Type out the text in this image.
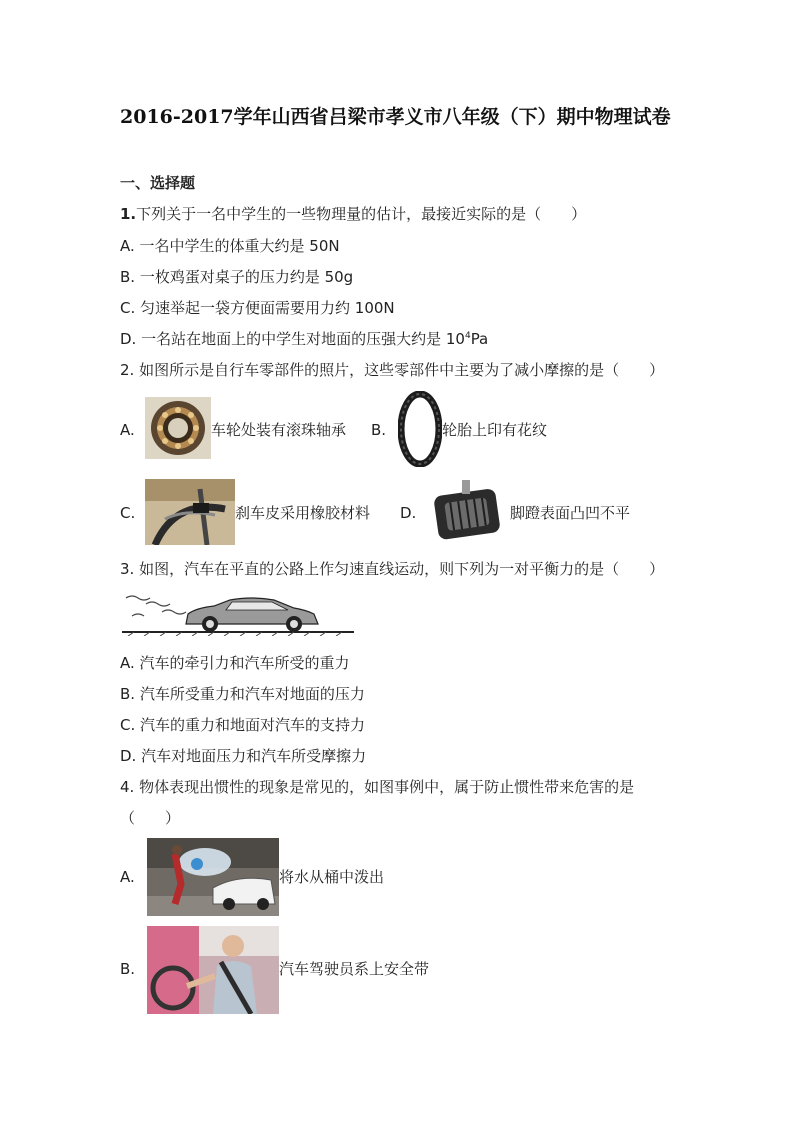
2016-2017学年山西省吕梁市孝义市八年级（下）期中物理试卷
一、选择题
1.下列关于一名中学生的一些物理量的估计，最接近实际的是（　　）
A. 一名中学生的体重大约是 50N
B. 一枚鸡蛋对桌子的压力约是 50g
C. 匀速举起一袋方便面需要用力约 100N
D. 一名站在地面上的中学生对地面的压强大约是 $10^4Pa$
2. 如图所示是自行车零部件的照片，这些零部件中主要为了减小摩擦的是（　　）
A.	车轮处装有滚珠轴承 B.	轮胎上印有花纹
C.	刹车皮采用橡胶材料 D.	脚蹬表面凸凹不平
3. 如图，汽车在平直的公路上作匀速直线运动，则下列为一对平衡力的是（　　）
A. 汽车的牵引力和汽车所受的重力
B. 汽车所受重力和汽车对地面的压力
C. 汽车的重力和地面对汽车的支持力
D. 汽车对地面压力和汽车所受摩擦力
4. 物体表现出惯性的现象是常见的，如图事例中，属于防止惯性带来危害的是
（　　）
A.	将水从桶中泼出
B.	汽车驾驶员系上安全带
